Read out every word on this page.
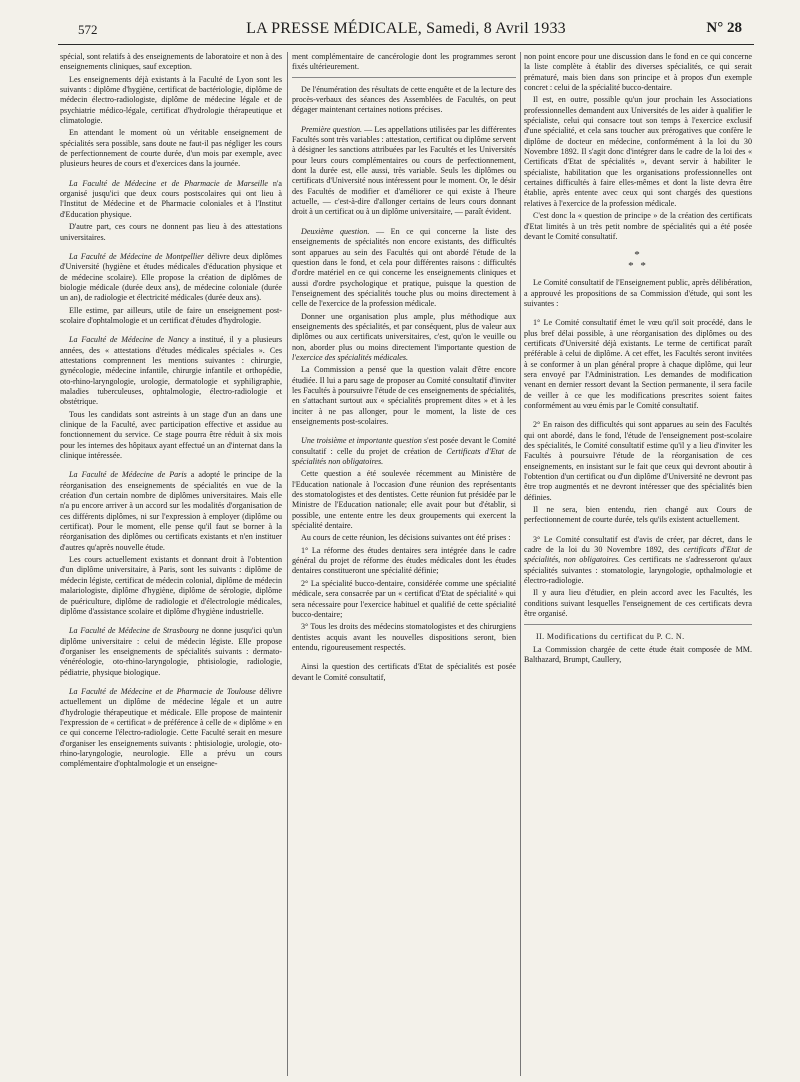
572	LA PRESSE MÉDICALE, Samedi, 8 Avril 1933	N° 28

spécial, sont relatifs à des enseignements de laboratoire et non à des enseignements cliniques, sauf exception.

Les enseignements déjà existants à la Faculté de Lyon sont les suivants : diplôme d'hygiène, certificat de bactériologie, diplôme de médecin électro-radiologiste, diplôme de médecine légale et de psychiatrie médico-légale, certificat d'hydrologie thérapeutique et climatologie.

En attendant le moment où un véritable enseignement de spécialités sera possible, sans doute ne faut-il pas négliger les cours de perfectionnement de courte durée, d'un mois par exemple, avec plusieurs heures de cours et d'exercices dans la journée.

La Faculté de Médecine et de Pharmacie de Marseille n'a organisé jusqu'ici que deux cours postscolaires qui ont lieu à l'Institut de Médecine et de Pharmacie coloniales et à l'Institut d'Education physique.

D'autre part, ces cours ne donnent pas lieu à des attestations universitaires.

La Faculté de Médecine de Montpellier délivre deux diplômes d'Université (hygiène et études médicales d'éducation physique et de médecine scolaire). Elle propose la création de diplômes de biologie médicale (durée deux ans), de médecine coloniale (durée un an), de radiologie et électricité médicales (durée deux ans).

Elle estime, par ailleurs, utile de faire un enseignement post-scolaire d'ophtalmologie et un certificat d'études d'hydrologie.

La Faculté de Médecine de Nancy a institué, il y a plusieurs années, des « attestations d'études médicales spéciales ». Ces attestations comprennent les mentions suivantes : chirurgie, gynécologie, médecine infantile, chirurgie infantile et orthopédie, oto-rhino-laryngologie, urologie, dermatologie et syphiligraphie, maladies tuberculeuses, ophtalmologie, électro-radiologie et obstétrique.

Tous les candidats sont astreints à un stage d'un an dans une clinique de la Faculté, avec participation effective et assidue au fonctionnement du service. Ce stage pourra être réduit à six mois pour les internes des hôpitaux ayant effectué un an d'internat dans la clinique intéressée.

La Faculté de Médecine de Paris a adopté le principe de la réorganisation des enseignements de spécialités en vue de la création d'un certain nombre de diplômes universitaires. Mais elle n'a pu encore arriver à un accord sur les modalités d'organisation de ces différents diplômes, ni sur l'expression à employer (diplôme ou certificat). Pour le moment, elle pense qu'il faut se borner à la réorganisation des diplômes ou certificats existants et n'en instituer d'autres qu'après nouvelle étude.

Les cours actuellement existants et donnant droit à l'obtention d'un diplôme universitaire, à Paris, sont les suivants : diplôme de médecin légiste, certificat de médecin colonial, diplôme de médecin malariologiste, diplôme d'hygiène, diplôme de sérologie, diplôme de puériculture, diplôme de radiologie et d'électrologie médicales, diplôme d'assistance scolaire et diplôme d'hygiène industrielle.

La Faculté de Médecine de Strasbourg ne donne jusqu'ici qu'un diplôme universitaire : celui de médecin légiste. Elle propose d'organiser les enseignements de spécialités suivants : dermato-vénéréologie, oto-rhino-laryngologie, phtisiologie, radiologie, pédiatrie, physique biologique.

La Faculté de Médecine et de Pharmacie de Toulouse délivre actuellement un diplôme de médecine légale et un autre d'hydrologie thérapeutique et médicale. Elle propose de maintenir l'expression de « certificat » de préférence à celle de « diplôme » en ce qui concerne l'électro-radiologie. Cette Faculté serait en mesure d'organiser les enseignements suivants : phtisiologie, urologie, oto-rhino-laryngologie, neurologie. Elle a prévu un cours complémentaire d'ophtalmologie et un enseigne-

ment complémentaire de cancérologie dont les programmes seront fixés ultérieurement.

De l'énumération des résultats de cette enquête et de la lecture des procès-verbaux des séances des Assemblées de Facultés, on peut dégager maintenant certaines notions précises.

Première question. — Les appellations utilisées par les différentes Facultés sont très variables : attestation, certificat ou diplôme servent à désigner les sanctions attribuées par les Facultés et les Universités pour leurs cours complémentaires ou cours de perfectionnement, dont la durée est, elle aussi, très variable. Seuls les diplômes ou certificats d'Université nous intéressent pour le moment. Or, le désir des Facultés de modifier et d'améliorer ce qui existe à l'heure actuelle, — c'est-à-dire d'allonger certains de leurs cours donnant droit à un certificat ou à un diplôme universitaire, — paraît évident.

Deuxième question. — En ce qui concerne la liste des enseignements de spécialités non encore existants, des difficultés sont apparues au sein des Facultés qui ont abordé l'étude de la question dans le fond, et cela pour différentes raisons : difficultés d'ordre matériel en ce qui concerne les enseignements cliniques et aussi d'ordre psychologique et pratique, puisque la question de l'enseignement des spécialités touche plus ou moins directement à celle de l'exercice de la profession médicale.

Donner une organisation plus ample, plus méthodique aux enseignements des spécialités, et par conséquent, plus de valeur aux diplômes ou aux certificats universitaires, c'est, qu'on le veuille ou non, aborder plus ou moins directement l'importante question de l'exercice des spécialités médicales.

La Commission a pensé que la question valait d'être encore étudiée. Il lui a paru sage de proposer au Comité consultatif d'inviter les Facultés à poursuivre l'étude de ces enseignements de spécialités, en s'attachant surtout aux « spécialités proprement dites » et à les inciter à ne pas allonger, pour le moment, la liste de ces enseignements post-scolaires.

Une troisième et importante question s'est posée devant le Comité consultatif : celle du projet de création de Certificats d'Etat de spécialités non obligatoires.

Cette question a été soulevée récemment au Ministère de l'Education nationale à l'occasion d'une réunion des représentants des stomatologistes et des dentistes. Cette réunion fut présidée par le Ministre de l'Education nationale; elle avait pour but d'établir, si possible, une entente entre les deux groupements qui exercent la spécialité dentaire.

Au cours de cette réunion, les décisions suivantes ont été prises :

1° La réforme des études dentaires sera intégrée dans le cadre général du projet de réforme des études médicales dont les études dentaires constitueront une spécialité définie;

2° La spécialité bucco-dentaire, considérée comme une spécialité médicale, sera consacrée par un « certificat d'Etat de spécialité » qui sera nécessaire pour l'exercice habituel et qualifié de cette spécialité bucco-dentaire;

3° Tous les droits des médecins stomatologistes et des chirurgiens dentistes acquis avant les nouvelles dispositions seront, bien entendu, rigoureusement respectés.

Ainsi la question des certificats d'Etat de spécialités est posée devant le Comité consultatif,

non point encore pour une discussion dans le fond en ce qui concerne la liste complète à établir des diverses spécialités, ce qui serait prématuré, mais bien dans son principe et à propos d'un exemple concret : celui de la spécialité bucco-dentaire.

Il est, en outre, possible qu'un jour prochain les Associations professionnelles demandent aux Universités de les aider à qualifier le spécialiste, celui qui consacre tout son temps à l'exercice exclusif d'une spécialité, et cela sans toucher aux prérogatives que confère le diplôme de docteur en médecine, conformément à la loi du 30 Novembre 1892. Il s'agit donc d'intégrer dans le cadre de la loi des « Certificats d'Etat de spécialités », devant servir à habiliter le spécialiste, habilitation que les organisations professionnelles ont certaines difficultés à faire elles-mêmes et dont la liste devra être établie, après entente avec ceux qui sont chargés des questions relatives à l'exercice de la profession médicale.

C'est donc la « question de principe » de la création des certificats d'Etat limités à un très petit nombre de spécialités qui a été posée devant le Comité consultatif.

*
* *

Le Comité consultatif de l'Enseignement public, après délibération, a approuvé les propositions de sa Commission d'étude, qui sont les suivantes :

1° Le Comité consultatif émet le vœu qu'il soit procédé, dans le plus bref délai possible, à une réorganisation des diplômes ou des certificats d'Université déjà existants. Le terme de certificat paraît préférable à celui de diplôme. A cet effet, les Facultés seront invitées à se conformer à un plan général propre à chaque diplôme, qui leur sera envoyé par l'Administration. Les demandes de modification venant en dernier ressort devant la Section permanente, il sera facile de veiller à ce que les modifications prescrites soient faites conformément au vœu émis par le Comité consultatif.

2° En raison des difficultés qui sont apparues au sein des Facultés qui ont abordé, dans le fond, l'étude de l'enseignement post-scolaire des spécialités, le Comité consultatif estime qu'il y a lieu d'inviter les Facultés à poursuivre l'étude de la réorganisation de ces enseignements, en insistant sur le fait que ceux qui devront aboutir à l'obtention d'un certificat ou d'un diplôme d'Université ne devront pas être trop augmentés et ne devront intéresser que des spécialités bien définies.

Il ne sera, bien entendu, rien changé aux Cours de perfectionnement de courte durée, tels qu'ils existent actuellement.

3° Le Comité consultatif est d'avis de créer, par décret, dans le cadre de la loi du 30 Novembre 1892, des certificats d'Etat de spécialités, non obligatoires. Ces certificats ne s'adresseront qu'aux spécialités suivantes : stomatologie, laryngologie, opthalmologie et électro-radiologie.

Il y aura lieu d'étudier, en plein accord avec les Facultés, les conditions suivant lesquelles l'enseignement de ces certificats devra être organisé.

II. Modifications du certificat du P. C. N.

La Commission chargée de cette étude était composée de MM. Balthazard, Brumpt, Caullery,
